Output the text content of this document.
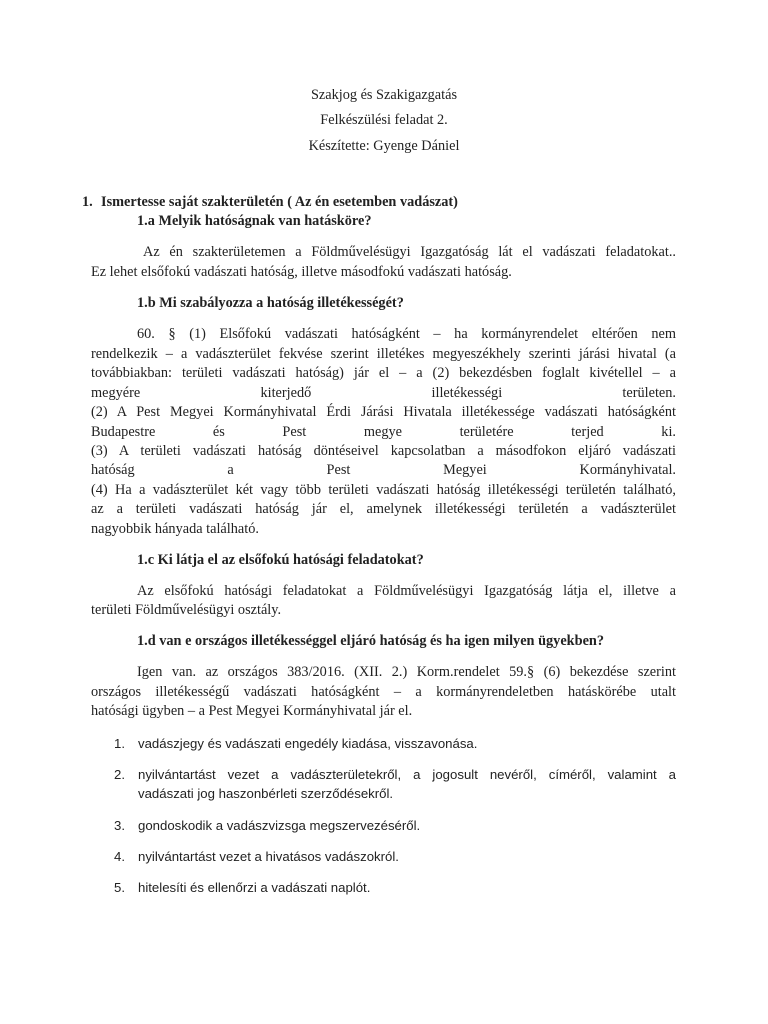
Szakjog és Szakigazgatás
Felkészülési feladat 2.
Készítette: Gyenge Dániel
1. Ismertesse saját szakterületén ( Az én esetemben vadászat)
1.a Melyik hatóságnak van hatásköre?
Az én szakterületemen a Földművelésügyi Igazgatóság lát el vadászati feladatokat..
Ez lehet elsőfokú vadászati hatóság, illetve másodfokú vadászati hatóság.
1.b Mi szabályozza a hatóság illetékességét?
60. § (1) Elsőfokú vadászati hatóságként – ha kormányrendelet eltérően nem
rendelkezik – a vadászterület fekvése szerint illetékes megyeszékhely szerinti járási hivatal (a
továbbiakban: területi vadászati hatóság) jár el – a (2) bekezdésben foglalt kivétellel – a
megyére kiterjedő illetékességi területen.
(2) A Pest Megyei Kormányhivatal Érdi Járási Hivatala illetékessége vadászati hatóságként
Budapestre és Pest megye területére terjed ki.
(3) A területi vadászati hatóság döntéseivel kapcsolatban a másodfokon eljáró vadászati
hatóság a Pest Megyei Kormányhivatal.
(4) Ha a vadászterület két vagy több területi vadászati hatóság illetékességi területén található,
az a területi vadászati hatóság jár el, amelynek illetékességi területén a vadászterület
nagyobbik hányada található.
1.c Ki látja el az elsőfokú hatósági feladatokat?
Az elsőfokú hatósági feladatokat a Földművelésügyi Igazgatóság látja el, illetve a
területi Földművelésügyi osztály.
1.d van e országos illetékességgel eljáró hatóság és ha igen milyen ügyekben?
Igen van. az országos 383/2016. (XII. 2.) Korm.rendelet 59.§ (6) bekezdése szerint
országos illetékességű vadászati hatóságként – a kormányrendeletben hatáskörébe utalt
hatósági ügyben – a Pest Megyei Kormányhivatal jár el.
1. vadászjegy és vadászati engedély kiadása, visszavonása.
2. nyilvántartást vezet a vadászterületekről, a jogosult nevéről, címéről, valamint a
vadászati jog haszonbérleti szerződésekről.
3. gondoskodik a vadászvizsga megszervezéséről.
4. nyilvántartást vezet a hivatásos vadászokról.
5. hitelesíti és ellenőrzi a vadászati naplót.
